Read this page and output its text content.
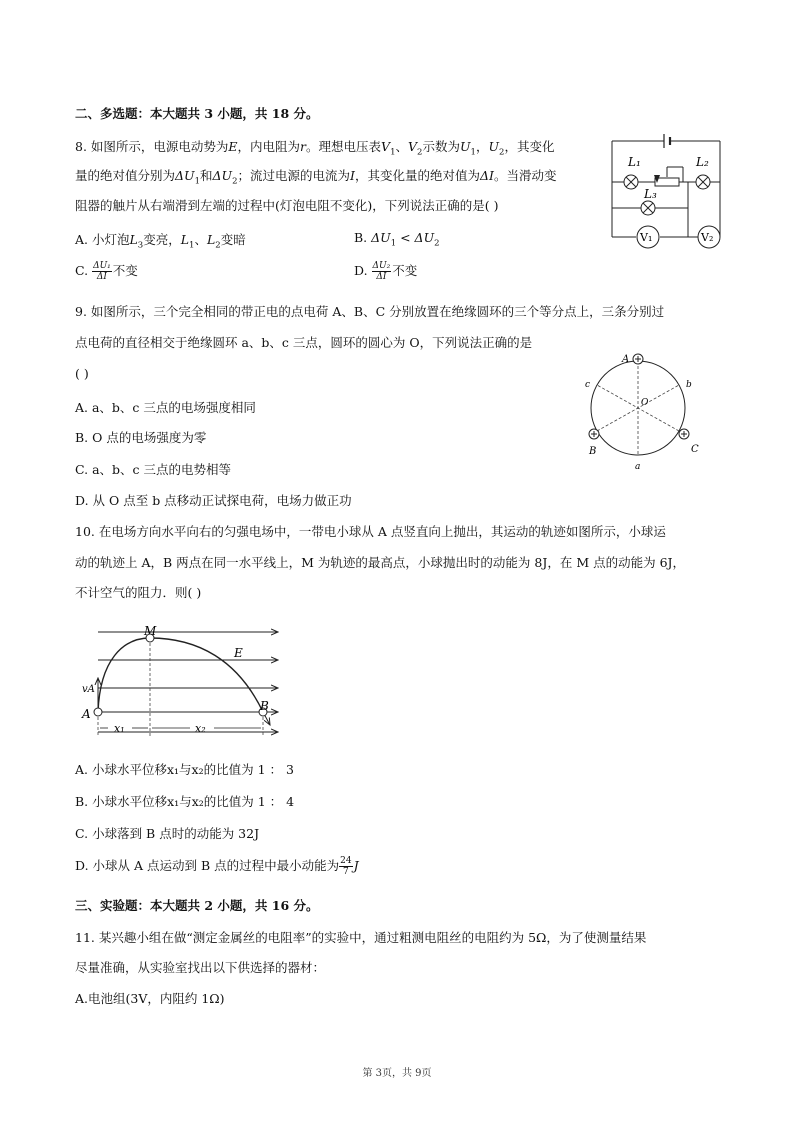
二、多选题：本大题共 3 小题，共 18 分。
8. 如图所示，电源电动势为E，内电阻为r。理想电压表$V_1$、$V_2$示数为$U_1$，$U_2$，其变化
量的绝对值分别为$\Delta U_1$和$\Delta U_2$；流过电源的电流为I，其变化量的绝对值为ΔI。当滑动变
阻器的触片从右端滑到左端的过程中(灯泡电阻不变化)，下列说法正确的是( )
A. 小灯泡$L_3$变亮，$L_1$、$L_2$变暗	B. $\Delta U_1 < \Delta U_2$
C. $\frac{\text{ΔU₁}}{\Delta I}$ 不变	D. $\frac{\text{ΔU₂}}{\Delta I}$ 不变
L₁	L₂
L₃
V₁	V₂
9. 如图所示，三个完全相同的带正电的点电荷 A、B、C 分别放置在绝缘圆环的三个等分点上，三条分别过
点电荷的直径相交于绝缘圆环 a、b、c 三点，圆环的圆心为 O，下列说法正确的是
( )
A. a、b、c 三点的电场强度相同
B. O 点的电场强度为零
C. a、b、c 三点的电势相等
D. 从 O 点至 b 点移动正试探电荷，电场力做正功
A
B	C
a
b
c
O
10. 在电场方向水平向右的匀强电场中，一带电小球从 A 点竖直向上抛出，其运动的轨迹如图所示，小球运
动的轨迹上 A，B 两点在同一水平线上，M 为轨迹的最高点，小球抛出时的动能为 8J，在 M 点的动能为 6J，
不计空气的阻力．则( )
M
E
vA
A
B
x₁	x₂
A. 小球水平位移x₁与x₂的比值为 1 ： 3
B. 小球水平位移x₁与x₂的比值为 1 ： 4
C. 小球落到 B 点时的动能为 32J
D. 小球从 A 点运动到 B 点的过程中最小动能为 $\frac{24}{7}$ J
三、实验题：本大题共 2 小题，共 16 分。
11. 某兴趣小组在做“测定金属丝的电阻率”的实验中，通过粗测电阻丝的电阻约为 5Ω，为了使测量结果
尽量准确，从实验室找出以下供选择的器材：
A.电池组(3V，内阻约 1Ω)
第 3页，共 9页
